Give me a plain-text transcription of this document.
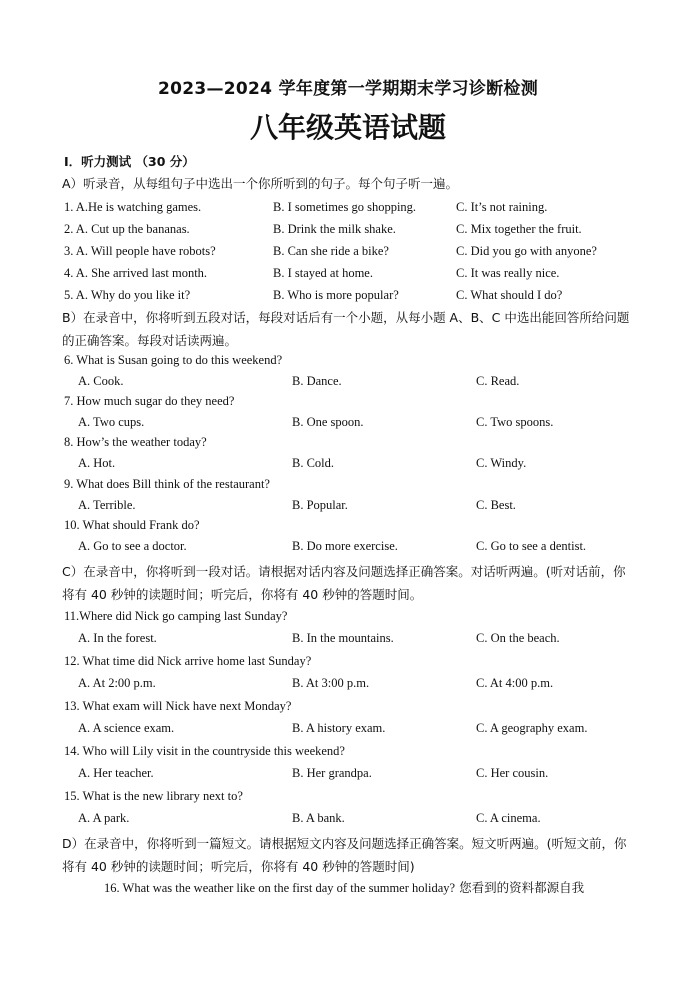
2023—2024 学年度第一学期期末学习诊断检测
八年级英语试题
I．听力测试 （30 分）
A）听录音，从每组句子中选出一个你所听到的句子。每个句子听一遍。
1. A.He is watching games.	B. I sometimes go shopping.	C. It’s not raining.
2. A. Cut up the bananas.	B. Drink the milk shake.	C. Mix together the fruit.
3. A. Will people have robots?	B. Can she ride a bike?	C. Did you go with anyone?
4. A. She arrived last month.	B. I stayed at home.	C. It was really nice.
5. A. Why do you like it?	B. Who is more popular?	C. What should I do?
B）在录音中，你将听到五段对话，每段对话后有一个小题，从每小题 A、B、C 中选出能回答所给问题的正确答案。每段对话读两遍。
6. What is Susan going to do this weekend?
A. Cook.	B. Dance.	C. Read.
7. How much sugar do they need?
A. Two cups.	B. One spoon.	C. Two spoons.
8. How’s the weather today?
A. Hot.	B. Cold.	C. Windy.
9. What does Bill think of the restaurant?
A. Terrible.	B. Popular.	C. Best.
10. What should Frank do?
A. Go to see a doctor.	B. Do more exercise.	C. Go to see a dentist.
C）在录音中，你将听到一段对话。请根据对话内容及问题选择正确答案。对话听两遍。(听对话前，你将有 40 秒钟的读题时间；听完后，你将有 40 秒钟的答题时间。
11.Where did Nick go camping last Sunday?
A. In the forest.	B. In the mountains.	C. On the beach.
12. What time did Nick arrive home last Sunday?
A. At 2:00 p.m.	B. At 3:00 p.m.	C. At 4:00 p.m.
13. What exam will Nick have next Monday?
A. A science exam.	B. A history exam.	C. A geography exam.
14. Who will Lily visit in the countryside this weekend?
A. Her teacher.	B. Her grandpa.	C. Her cousin.
15. What is the new library next to?
A. A park.	B. A bank.	C. A cinema.
D）在录音中，你将听到一篇短文。请根据短文内容及问题选择正确答案。短文听两遍。(听短文前，你将有 40 秒钟的读题时间；听完后，你将有 40 秒钟的答题时间)
16. What was the weather like on the first day of the summer holiday? 您看到的资料都源自我
